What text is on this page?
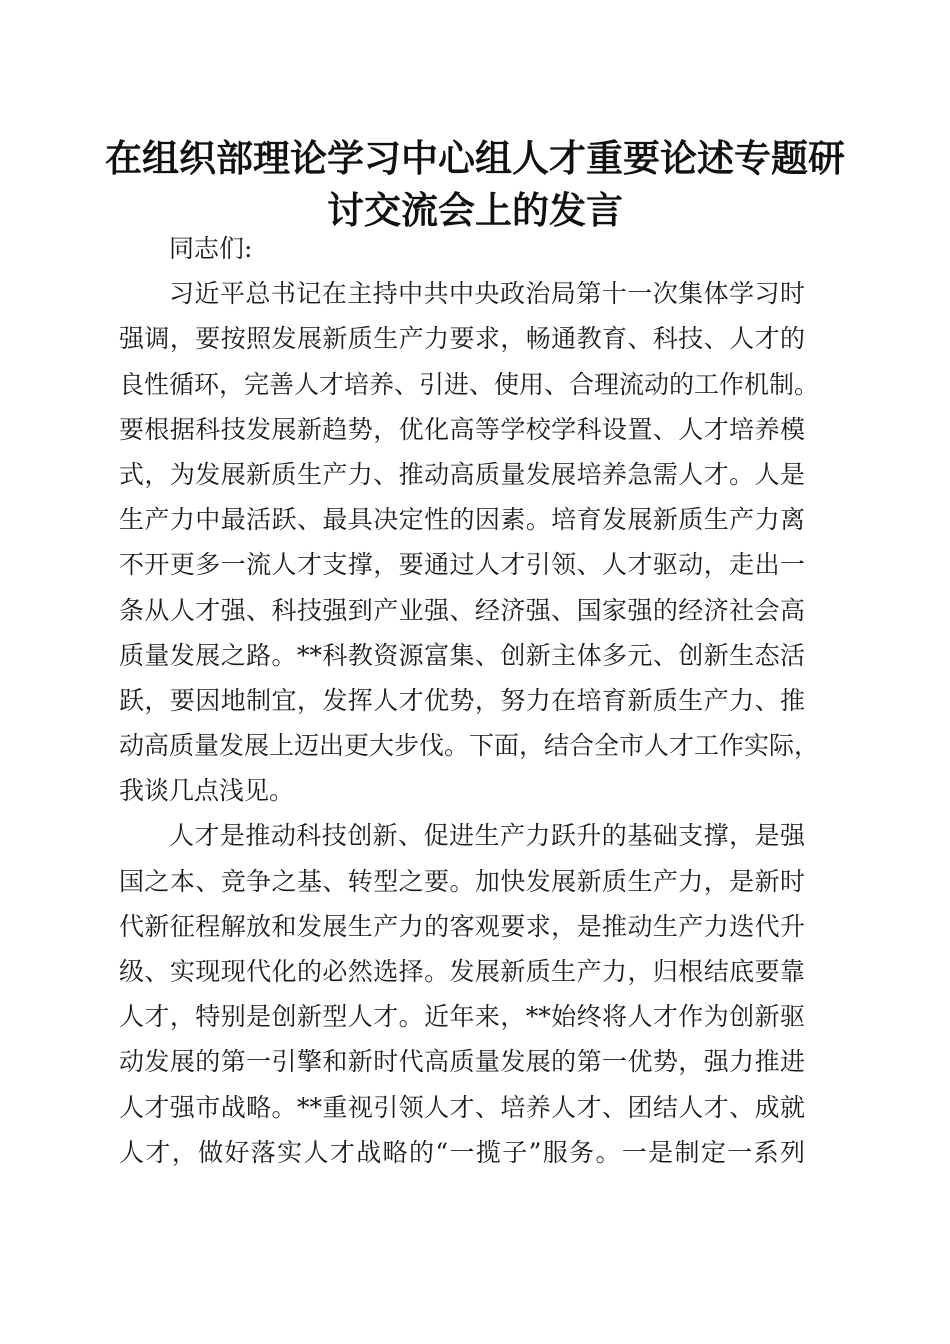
在组织部理论学习中心组人才重要论述专题研
讨交流会上的发言
同志们:
习近平总书记在主持中共中央政治局第十一次集体学习时
强调，要按照发展新质生产力要求，畅通教育、科技、人才的
良性循环，完善人才培养、引进、使用、合理流动的工作机制。
要根据科技发展新趋势，优化高等学校学科设置、人才培养模
式，为发展新质生产力、推动高质量发展培养急需人才。人是
生产力中最活跃、最具决定性的因素。培育发展新质生产力离
不开更多一流人才支撑，要通过人才引领、人才驱动，走出一
条从人才强、科技强到产业强、经济强、国家强的经济社会高
质量发展之路。**科教资源富集、创新主体多元、创新生态活
跃，要因地制宜，发挥人才优势，努力在培育新质生产力、推
动高质量发展上迈出更大步伐。下面，结合全市人才工作实际，
我谈几点浅见。
人才是推动科技创新、促进生产力跃升的基础支撑，是强
国之本、竞争之基、转型之要。加快发展新质生产力，是新时
代新征程解放和发展生产力的客观要求，是推动生产力迭代升
级、实现现代化的必然选择。发展新质生产力，归根结底要靠
人才，特别是创新型人才。近年来，**始终将人才作为创新驱
动发展的第一引擎和新时代高质量发展的第一优势，强力推进
人才强市战略。**重视引领人才、培养人才、团结人才、成就
人才，做好落实人才战略的“一揽子”服务。一是制定一系列
